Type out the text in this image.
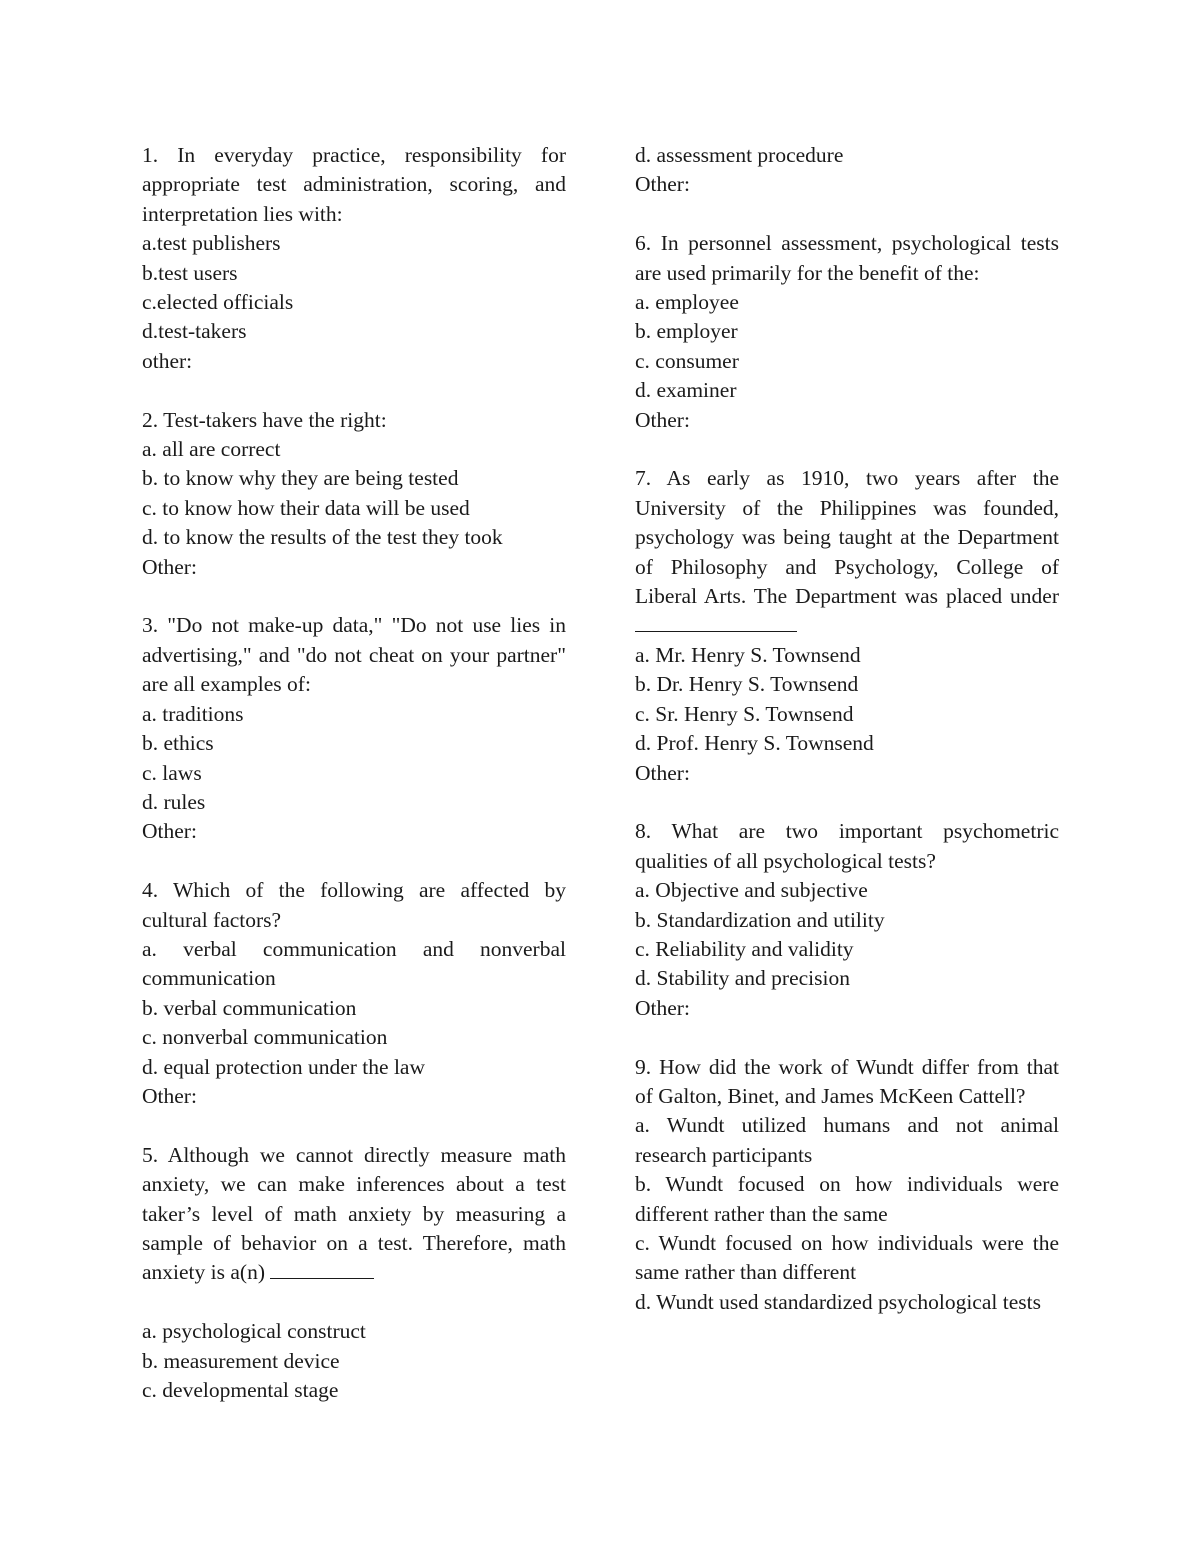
1. In everyday practice, responsibility for appropriate test administration, scoring, and interpretation lies with:

a.test publishers

b.test users

c.elected officials

d.test-takers

other:

2. Test-takers have the right:

a. all are correct

b. to know why they are being tested

c. to know how their data will be used

d. to know the results of the test they took

Other:

3. "Do not make-up data," "Do not use lies in advertising," and "do not cheat on your partner" are all examples of:

a. traditions

b. ethics

c. laws

d. rules

Other:

4. Which of the following are affected by cultural factors?

a. verbal communication and nonverbal communication

b. verbal communication

c. nonverbal communication

d. equal protection under the law

Other:

5. Although we cannot directly measure math anxiety, we can make inferences about a test taker’s level of math anxiety by measuring a sample of behavior on a test. Therefore, math anxiety is a(n)

a. psychological construct

b. measurement device

c. developmental stage

d. assessment procedure

Other:

6. In personnel assessment, psychological tests are used primarily for the benefit of the:

a. employee

b. employer

c. consumer

d. examiner

Other:

7. As early as 1910, two years after the University of the Philippines was founded, psychology was being taught at the Department of Philosophy and Psychology, College of Liberal Arts. The Department was placed under

a. Mr. Henry S. Townsend

b. Dr. Henry S. Townsend

c. Sr. Henry S. Townsend

d. Prof. Henry S. Townsend

Other:

8. What are two important psychometric qualities of all psychological tests?

a. Objective and subjective

b. Standardization and utility

c. Reliability and validity

d. Stability and precision

Other:

9. How did the work of Wundt differ from that of Galton, Binet, and James McKeen Cattell?

a. Wundt utilized humans and not animal research participants

b. Wundt focused on how individuals were different rather than the same

c. Wundt focused on how individuals were the same rather than different

d. Wundt used standardized psychological tests
